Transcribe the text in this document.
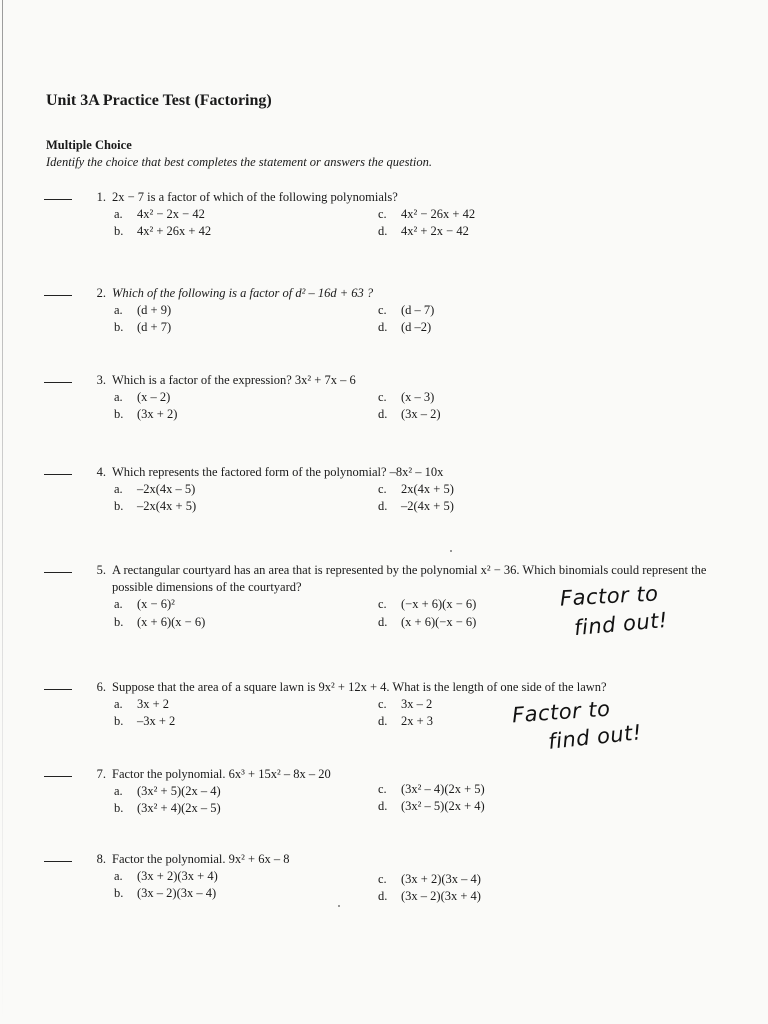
Unit 3A Practice Test (Factoring)
Multiple Choice
Identify the choice that best completes the statement or answers the question.
1. 2x − 7 is a factor of which of the following polynomials?
a.	4x² − 2x − 42
b.	4x² + 26x + 42
c.	4x² − 26x + 42
d.	4x² + 2x − 42
2. Which of the following is a factor of d² – 16d + 63 ?
a.	(d + 9)
b.	(d + 7)
c.	(d – 7)
d.	(d –2)
3. Which is a factor of the expression? 3x² + 7x – 6
a.	(x – 2)
b.	(3x + 2)
c.	(x – 3)
d.	(3x – 2)
4. Which represents the factored form of the polynomial? –8x² – 10x
a.	–2x(4x – 5)
b.	–2x(4x + 5)
c.	2x(4x + 5)
d.	–2(4x + 5)
5. A rectangular courtyard has an area that is represented by the polynomial x² − 36. Which binomials could represent the possible dimensions of the courtyard?
a.	(x − 6)²
b.	(x + 6)(x − 6)
c.	(−x + 6)(x − 6)
d.	(x + 6)(−x − 6)
Factor to
find out!
6. Suppose that the area of a square lawn is 9x² + 12x + 4. What is the length of one side of the lawn?
a.	3x + 2
b.	–3x + 2
c.	3x – 2
d.	2x + 3	Factor to
find out!
7. Factor the polynomial. 6x³ + 15x² – 8x – 20
a.	(3x² + 5)(2x – 4)
b.	(3x² + 4)(2x – 5)
c.	(3x² – 4)(2x + 5)
d.	(3x² – 5)(2x + 4)
8. Factor the polynomial. 9x² + 6x – 8
a.	(3x + 2)(3x + 4)
b.	(3x – 2)(3x – 4)
c.	(3x + 2)(3x – 4)
d.	(3x – 2)(3x + 4)
